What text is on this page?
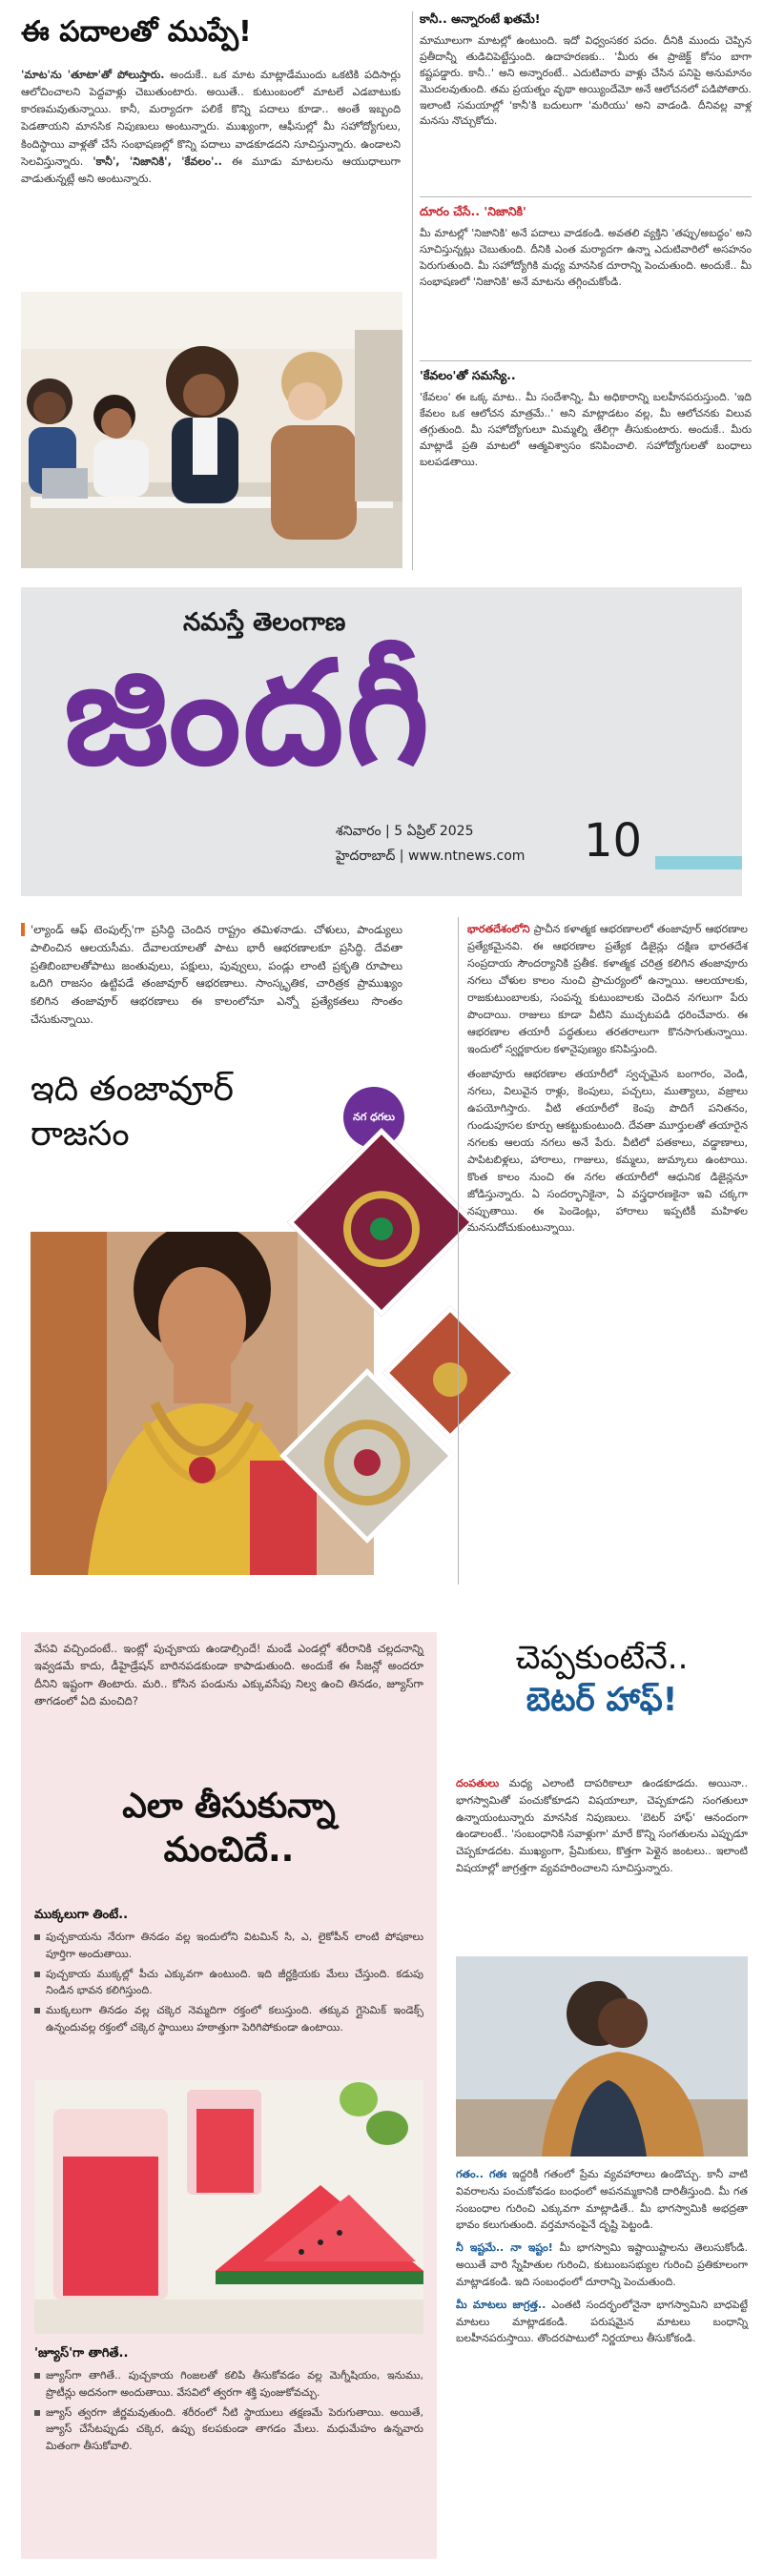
ఈ పదాలతో ముప్పే!
'మాట'ను 'తూటా'తో పోలుస్తారు. అందుకే.. ఒక మాట మాట్లాడేముందు ఒకటికి పదిసార్లు ఆలోచించాలని పెద్దవాళ్లు చెబుతుంటారు. అయితే.. కుటుంబంలో మాటలే ఎడబాటుకు కారణమవుతున్నాయి. కానీ, మర్యాదగా పలికే కొన్ని పదాలు కూడా.. అంతే ఇబ్బంది పెడతాయని మానసిక నిపుణులు అంటున్నారు. ముఖ్యంగా, ఆఫీసుల్లో మీ సహోద్యోగులు, కిందిస్థాయి వాళ్లతో చేసే సంభాషణల్లో కొన్ని పదాలు వాడకూడదని సూచిస్తున్నారు. ఉండాలని సెలవిస్తున్నారు. 'కానీ', 'నిజానికి', 'కేవలం'.. ఈ మూడు మాటలను ఆయుధాలుగా వాడుతున్నట్లే అని అంటున్నారు.
కానీ.. అన్నారంటే ఖతమే!
మామూలుగా మాటల్లో ఉంటుంది. ఇదో విధ్వంసకర పదం. దీనికి ముందు చెప్పిన ప్రతీదాన్నీ తుడిచిపెట్టేస్తుంది. ఉదాహరణకు.. 'మీరు ఈ ప్రాజెక్ట్ కోసం బాగా కష్టపడ్డారు. కానీ..' అని అన్నారంటే.. ఎదుటివారు వాళ్లు చేసిన పనిపై అనుమానం మొదలవుతుంది. తమ ప్రయత్నం వృథా అయ్యిందేమో అనే ఆలోచనలో పడిపోతారు. ఇలాంటి సమయాల్లో 'కానీ'కి బదులుగా 'మరియు' అని వాడండి. దీనివల్ల వాళ్ల మనసు నొచ్చుకోదు.
దూరం చేసే.. 'నిజానికి'
మీ మాటల్లో 'నిజానికి' అనే పదాలు వాడకండి. అవతలి వ్యక్తిని 'తప్పు/అబద్ధం' అని సూచిస్తున్నట్లు చెబుతుంది. దీనికి ఎంత మర్యాదగా ఉన్నా ఎదుటివారిలో అసహనం పెరుగుతుంది. మీ సహోద్యోగికి మధ్య మానసిక దూరాన్ని పెంచుతుంది. అందుకే.. మీ సంభాషణలో 'నిజానికి' అనే మాటను తగ్గించుకోండి.
'కేవలం'తో సమస్యే..
'కేవలం' ఈ ఒక్క మాట.. మీ సందేశాన్ని, మీ అధికారాన్ని బలహీనపరుస్తుంది. 'ఇది కేవలం ఒక ఆలోచన మాత్రమే..' అని మాట్లాడటం వల్ల, మీ ఆలోచనకు విలువ తగ్గుతుంది. మీ సహోద్యోగులూ మిమ్మల్ని తేలిగ్గా తీసుకుంటారు. అందుకే.. మీరు మాట్లాడే ప్రతి మాటలో ఆత్మవిశ్వాసం కనిపించాలి. సహోద్యోగులతో బంధాలు బలపడతాయి.
నమస్తే తెలంగాణ
జిందగీ
శనివారం | 5 ఏప్రిల్ 2025
హైదరాబాద్ | www.ntnews.com 10
'ల్యాండ్ ఆఫ్ టెంపుల్స్'గా ప్రసిద్ధి చెందిన రాష్ట్రం తమిళనాడు. చోళులు, పాండ్యులు పాలించిన ఆలయసీమ. దేవాలయాలతో పాటు భారీ ఆభరణాలకూ ప్రసిద్ధి. దేవతా ప్రతిబింబాలతోపాటు జంతువులు, పక్షులు, పువ్వులు, పండ్లు లాంటి ప్రకృతి రూపాలు ఒదిగి రాజసం ఉట్టిపడే తంజావూర్ ఆభరణాలు. సాంస్కృతిక, చారిత్రక ప్రాముఖ్యం కలిగిన తంజావూర్ ఆభరణాలు ఈ కాలంలోనూ ఎన్నో ప్రత్యేకతలు సొంతం చేసుకున్నాయి.
ఇది తంజావూర్
రాజసం	నగ ధగలు

భారతదేశంలోని ప్రాచీన కళాత్మక ఆభరణాలలో తంజావూర్ ఆభరణాల ప్రత్యేకమైనవి. ఈ ఆభరణాల ప్రత్యేక డిజైన్లు దక్షిణ భారతదేశ సంప్రదాయ సౌందర్యానికి ప్రతీక. కళాత్మక చరిత్ర కలిగిన తంజావూరు నగలు చోళుల కాలం నుంచి ప్రాచుర్యంలో ఉన్నాయి. ఆలయాలకు, రాజకుటుంబాలకు, సంపన్న కుటుంబాలకు చెందిన నగలుగా పేరు పొందాయి. రాజులు కూడా వీటిని ముచ్చటపడి ధరించేవారు. ఈ ఆభరణాల తయారీ పద్ధతులు తరతరాలుగా కొనసాగుతున్నాయి. ఇందులో స్వర్ణకారుల కళానైపుణ్యం కనిపిస్తుంది.

తంజావూరు ఆభరణాల తయారీలో స్వచ్ఛమైన బంగారం, వెండి, నగలు, విలువైన రాళ్లు, కెంపులు, పచ్చలు, ముత్యాలు, వజ్రాలు ఉపయోగిస్తారు. వీటి తయారీలో కెంపు పొదిగే పనితనం, గుండుపూసల కూర్పు ఆకట్టుకుంటుంది. దేవతా మూర్తులతో తయారైన నగలకు ఆలయ నగలు అనే పేరు. వీటిలో పతకాలు, వడ్డాణాలు, పాపిటబిళ్లలు, హారాలు, గాజులు, కమ్మలు, జుమ్కాలు ఉంటాయి. కొంత కాలం నుంచి ఈ నగల తయారీలో ఆధునిక డిజైన్లనూ జోడిస్తున్నారు. ఏ సందర్భానికైనా, ఏ వస్త్రధారణకైనా ఇవి చక్కగా నప్పుతాయి. ఈ పెండెంట్లు, హారాలు ఇప్పటికీ మహిళల మనసుదోచుకుంటున్నాయి.

వేసవి వచ్చిందంటే.. ఇంట్లో పుచ్చకాయ ఉండాల్సిందే! మండే ఎండల్లో శరీరానికి చల్లదనాన్ని ఇవ్వడమే కాదు, డీహైడ్రేషన్ బారినపడకుండా కాపాడుతుంది. అందుకే ఈ సీజన్లో అందరూ దీనిని ఇష్టంగా తింటారు. మరి.. కోసిన పండును ఎక్కువసేపు నిల్వ ఉంచి తినడం, జ్యూస్‌గా తాగడంలో ఏది మంచిది?
ఎలా తీసుకున్నా
మంచిదే..
ముక్కలుగా తింటే..
పుచ్చకాయను నేరుగా తినడం వల్ల ఇందులోని విటమిన్ సి, ఎ, లైకోపీన్ లాంటి పోషకాలు పూర్తిగా అందుతాయి.
పుచ్చకాయ ముక్కల్లో పీచు ఎక్కువగా ఉంటుంది. ఇది జీర్ణక్రియకు మేలు చేస్తుంది. కడుపు నిండిన భావన కలిగిస్తుంది.
ముక్కలుగా తినడం వల్ల చక్కెర నెమ్మదిగా రక్తంలో కలుస్తుంది. తక్కువ గ్లైసెమిక్ ఇండెక్స్ ఉన్నందువల్ల రక్తంలో చక్కెర స్థాయిలు హఠాత్తుగా పెరిగిపోకుండా ఉంటాయి.
'జ్యూస్'గా తాగితే..
జ్యూస్‌గా తాగితే.. పుచ్చకాయ గింజలతో కలిపి తీసుకోవడం వల్ల మెగ్నీషియం, ఇనుము, ప్రొటీన్లు అదనంగా అందుతాయి. వేసవిలో త్వరగా శక్తి పుంజుకోవచ్చు.
జ్యూస్ త్వరగా జీర్ణమవుతుంది. శరీరంలో నీటి స్థాయులు తక్షణమే పెరుగుతాయి. అయితే, జ్యూస్ చేసేటప్పుడు చక్కెర, ఉప్పు కలపకుండా తాగడం మేలు. మధుమేహం ఉన్నవారు మితంగా తీసుకోవాలి.
చెప్పకుంటేనే..
బెటర్ హాఫ్!
దంపతులు మధ్య ఎలాంటి దాపరికాలూ ఉండకూడదు. అయినా.. భాగస్వామితో పంచుకోకూడని విషయాలూ, చెప్పకూడని సంగతులూ ఉన్నాయంటున్నారు మానసిక నిపుణులు. 'బెటర్ హాఫ్' ఆనందంగా ఉండాలంటే.. 'సంబంధానికి సవాళ్లుగా' మారే కొన్ని సంగతులను ఎప్పుడూ చెప్పకూడదట. ముఖ్యంగా, ప్రేమికులు, కొత్తగా పెళ్లైన జంటలు.. ఇలాంటి విషయాల్లో జాగ్రత్తగా వ్యవహరించాలని సూచిస్తున్నారు.

గతం.. గతః ఇద్దరికీ గతంలో ప్రేమ వ్యవహారాలు ఉండొచ్చు. కానీ వాటి వివరాలను పంచుకోవడం బంధంలో అపనమ్మకానికి దారితీస్తుంది. మీ గత సంబంధాల గురించి ఎక్కువగా మాట్లాడితే.. మీ భాగస్వామికి అభద్రతా భావం కలుగుతుంది. వర్తమానంపైనే దృష్టి పెట్టండి.

నీ ఇష్టమే.. నా ఇష్టం! మీ భాగస్వామి ఇష్టాయిష్టాలను తెలుసుకోండి. అయితే వారి స్నేహితుల గురించి, కుటుంబసభ్యుల గురించి ప్రతికూలంగా మాట్లాడకండి. ఇది సంబంధంలో దూరాన్ని పెంచుతుంది.

మీ మాటలు జాగ్రత్త.. ఎంతటి సందర్భంలోనైనా భాగస్వామిని బాధపెట్టే మాటలు మాట్లాడకండి. పరుషమైన మాటలు బంధాన్ని బలహీనపరుస్తాయి. తొందరపాటులో నిర్ణయాలు తీసుకోకండి.
